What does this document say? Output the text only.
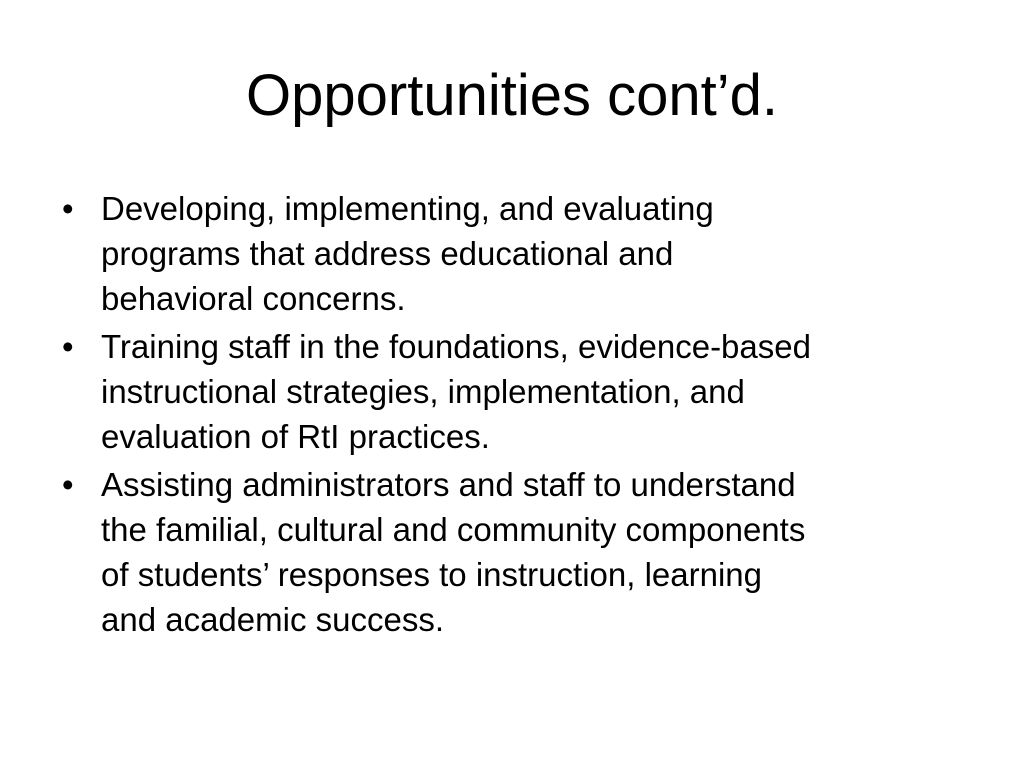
Opportunities cont’d.
• Developing, implementing, and evaluating
programs that address educational and
behavioral concerns.
• Training staff in the foundations, evidence-based
instructional strategies, implementation, and
evaluation of RtI practices.
• Assisting administrators and staff to understand
the familial, cultural and community components
of students’ responses to instruction, learning
and academic success.
